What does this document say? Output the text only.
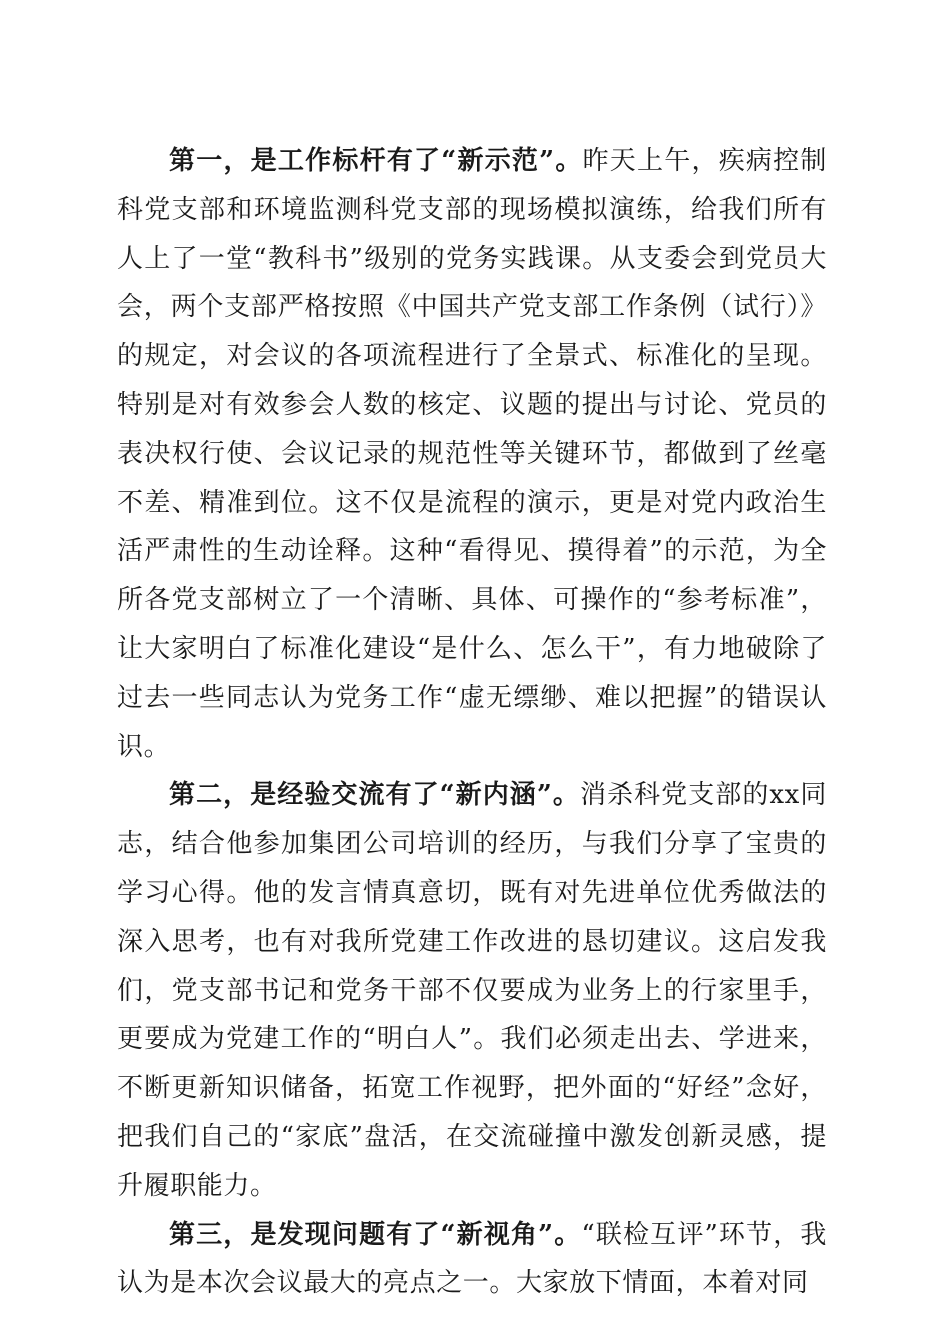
第一，是工作标杆有了“新示范”。昨天上午，疾病控制科党支部和环境监测科党支部的现场模拟演练，给我们所有人上了一堂“教科书”级别的党务实践课。从支委会到党员大会，两个支部严格按照《中国共产党支部工作条例（试行）》的规定，对会议的各项流程进行了全景式、标准化的呈现。特别是对有效参会人数的核定、议题的提出与讨论、党员的表决权行使、会议记录的规范性等关键环节，都做到了丝毫不差、精准到位。这不仅是流程的演示，更是对党内政治生活严肃性的生动诠释。这种“看得见、摸得着”的示范，为全所各党支部树立了一个清晰、具体、可操作的“参考标准”，让大家明白了标准化建设“是什么、怎么干”，有力地破除了过去一些同志认为党务工作“虚无缥缈、难以把握”的错误认识。

第二，是经验交流有了“新内涵”。消杀科党支部的xx同志，结合他参加集团公司培训的经历，与我们分享了宝贵的学习心得。他的发言情真意切，既有对先进单位优秀做法的深入思考，也有对我所党建工作改进的恳切建议。这启发我们，党支部书记和党务干部不仅要成为业务上的行家里手，更要成为党建工作的“明白人”。我们必须走出去、学进来，不断更新知识储备，拓宽工作视野，把外面的“好经”念好，把我们自己的“家底”盘活，在交流碰撞中激发创新灵感，提升履职能力。

第三，是发现问题有了“新视角”。“联检互评”环节，我认为是本次会议最大的亮点之一。大家放下情面，本着对同
